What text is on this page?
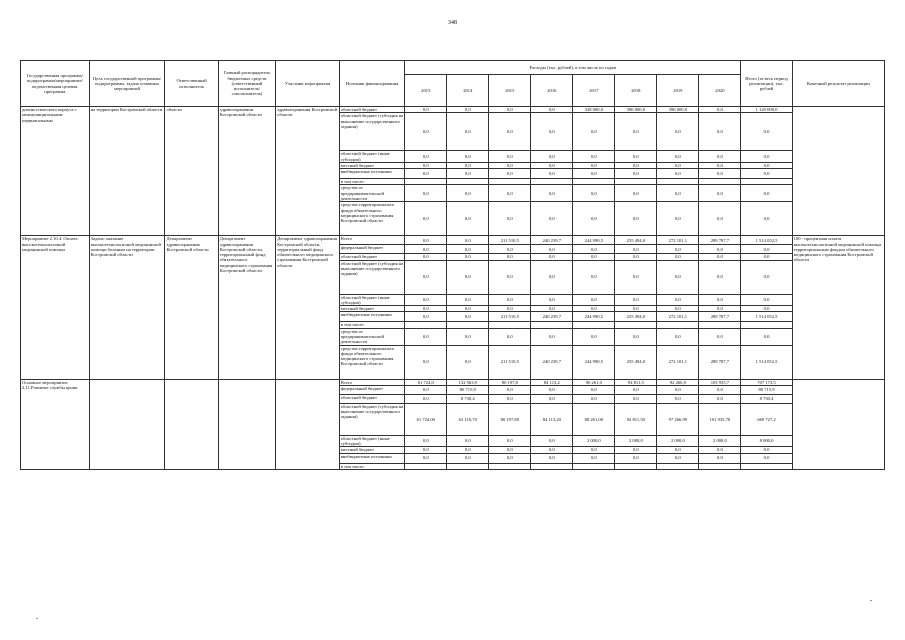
348
Государственная программа/подпрограмма/мероприятие/ведомственная целевая программа	Цель государственной программы/подпрограммы, задача основных мероприятий	Ответственный исполнитель	Главный распорядитель бюджетных средств (ответственный исполнитель/соисполнитель)	Участник мероприятия	Источник финансирования	Расходы (тыс. рублей), в том числе по годам								Итого (за весь период реализации), тыс. рублей	Конечный результат реализации
						2013	2014	2015	2016	2017	2018	2019	2020		
диагностического корпуса с межмуниципальным перинатальным	на территории Костромской области	области	здравоохранения Костромской области	здравоохранения Костромской области	областной бюджет	0,0	0,0	0,0	0,0	328 000,0	396 000,0	396 000,0	0,0	1 120 000,0	
					областной бюджет (субсидия на выполнение государственного задания)	0,0	0,0	0,0	0,0	0,0	0,0	0,0	0,0	0,0	
					областной бюджет (иные субсидии)	0,0	0,0	0,0	0,0	0,0	0,0	0,0	0,0	0,0	
					местный бюджет	0,0	0,0	0,0	0,0	0,0	0,0	0,0	0,0	0,0	
					внебюджетные источники	0,0	0,0	0,0	0,0	0,0	0,0	0,0	0,0	0,0	
					в том числе:										
					средства от предпринимательской деятельности	0,0	0,0	0,0	0,0	0,0	0,0	0,0	0,0	0,0	
					средства территориального фонда обязательного медицинского страхования Костромской области	0,0	0,0	0,0	0,0	0,0	0,0	0,0	0,0	0,0	
Мероприятие 2.10.4. Оплата высокотехнологичной медицинской помощи	Задача: оказание высокотехнологичной медицинской помощи больным на территории Костромской области	Департамент здравоохранения Костромской области	Департамент здравоохранения Костромской области, территориальный фонд обязательного медицинского страхования Костромской области	Департамент здравоохранения Костромской области, территориальный фонд обязательного медицинского страхования Костромской области	Всего	0,0	0,0	211 510,5	240 239,7	244 990,5	255 494,0	272 101,1	289 787,7	1 514 052,5	100 - процентная оплата высокотехнологичной медицинской помощи территориальным фондом обязательного медицинского страхования Костромской области
					федеральный бюджет	0,0	0,0	0,0	0,0	0,0	0,0	0,0	0,0	0,0	
					областной бюджет	0,0	0,0	0,0	0,0	0,0	0,0	0,0	0,0	0,0	
					областной бюджет (субсидия на выполнение государственного задания)	0,0	0,0	0,0	0,0	0,0	0,0	0,0	0,0	0,0	
					областной бюджет (иные субсидии)	0,0	0,0	0,0	0,0	0,0	0,0	0,0	0,0	0,0	
					местный бюджет	0,0	0,0	0,0	0,0	0,0	0,0	0,0	0,0	0,0	
					внебюджетные источники	0,0	0,0	211 510,5	240 239,7	244 990,5	255 494,0	272 101,1	289 787,7	1 514 052,5	
					в том числе:										
					средства от предпринимательской деятельности	0,0	0,0	0,0	0,0	0,0	0,0	0,0	0,0	0,0	
					средства территориального фонда обязательного медицинского страхования Костромской области	0,0	0,0	211 510,5	240 239,7	244 990,5	255 494,0	272 101,1	289 787,7	1 514 052,5	
Основное мероприятие 2.11.Развитие службы крови					Всего	61 724,0	132 563,9	80 197,8	84 113,2	90 261,0	94 811,5	92 266,9	103 935,7	707 173,5	
					федеральный бюджет	0,0	80 715,9	0,0	0,0	0,0	0,0	0,0	0,0	80 715,9	
					областной бюджет	0,0	8 730,4	0,0	0,0	0,0	0,0	0,0	0,0	8 730,4	
					областной бюджет (субсидия на выполнение государственного задания)	61 724,00	63 116,70	80 197,80	84 113,20	88 261,00	92 811,50	97 266,99	101 935,70	669 727,2	
					областной бюджет (иные субсидии)	0,0	0,0	0,0	0,0	2 000,0	2 000,0	2 000,0	2 000,0	8 000,0	
					местный бюджет	0,0	0,0	0,0	0,0	0,0	0,0	0,0	0,0	0,0	
					внебюджетные источники	0,0	0,0	0,0	0,0	0,0	0,0	0,0	0,0	0,0	
					в том числе:										
